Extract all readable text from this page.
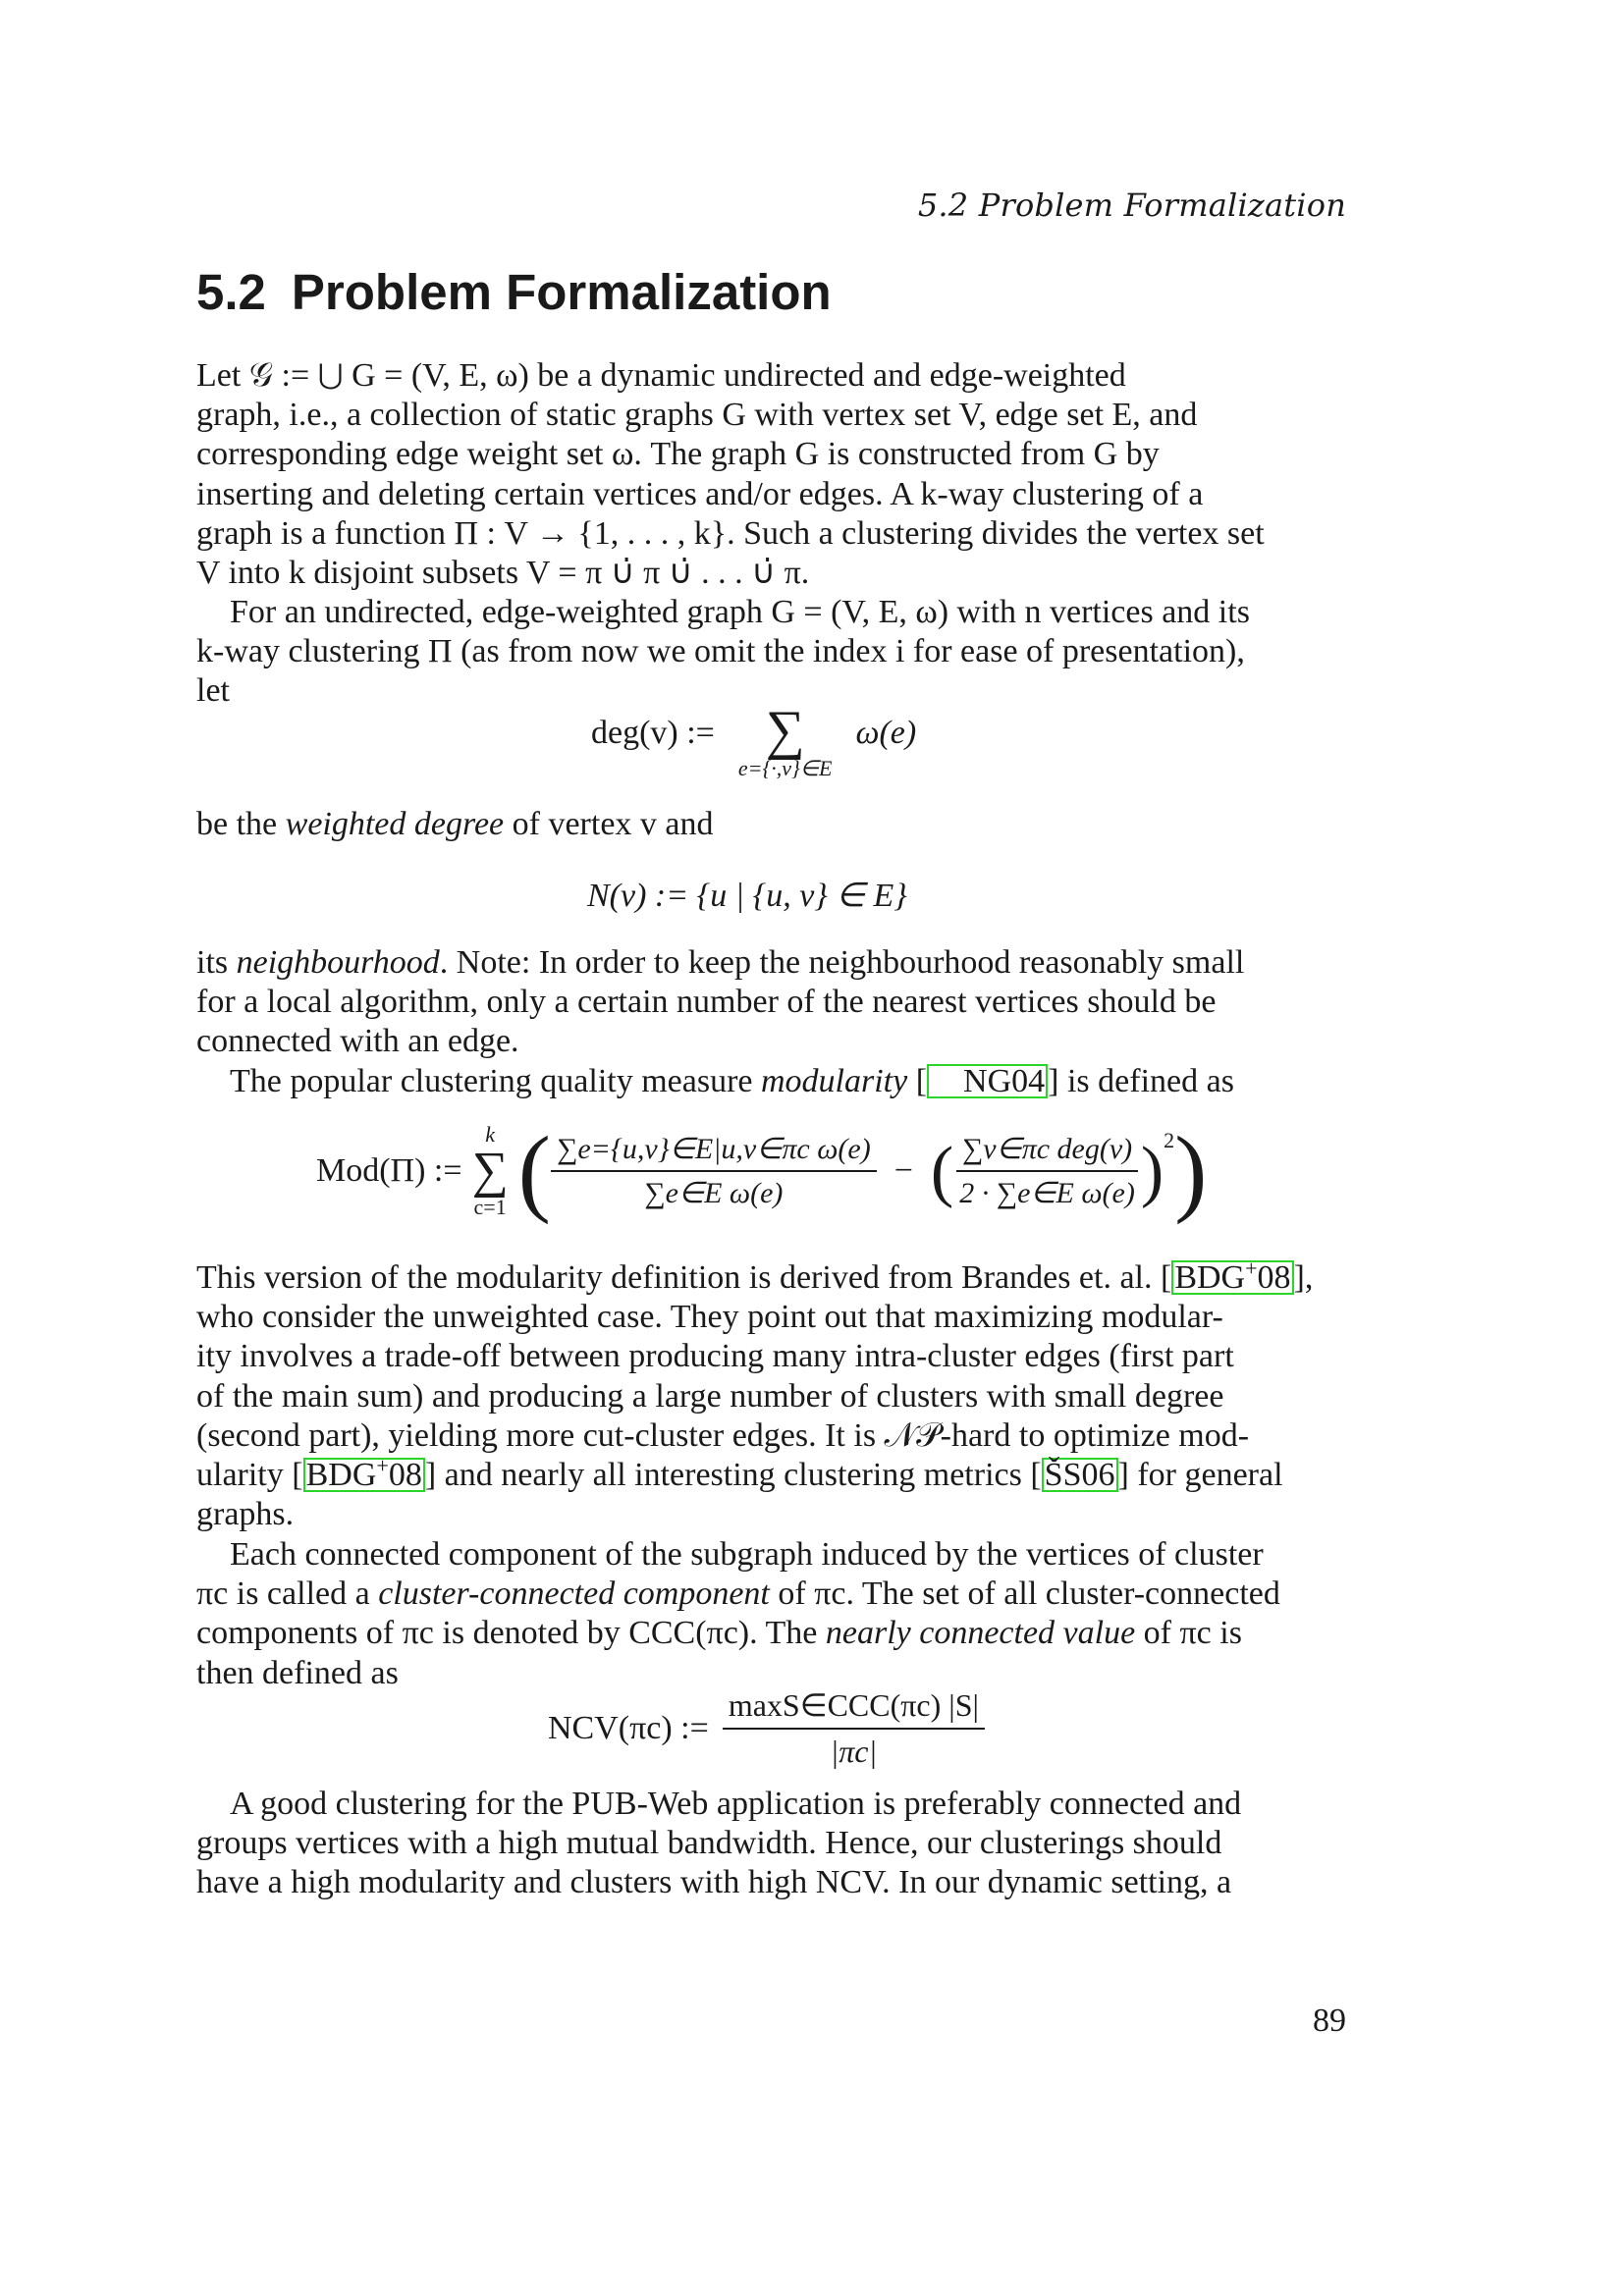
5.2 Problem Formalization
5.2 Problem Formalization
Let 𝒢 := ⋃ G = (V, E, ω) be a dynamic undirected and edge-weighted
graph, i.e., a collection of static graphs G with vertex set V, edge set E, and
corresponding edge weight set ω. The graph G is constructed from G by
inserting and deleting certain vertices and/or edges. A k-way clustering of a
graph is a function Π : V → {1, . . . , k}. Such a clustering divides the vertex set
V into k disjoint subsets V = π ∪̇ π ∪̇ . . . ∪̇ π.
For an undirected, edge-weighted graph G = (V, E, ω) with n vertices and its
k-way clustering Π (as from now we omit the index i for ease of presentation),
let
deg(v) := ∑
e={·,v}∈E
ω(e)
be the weighted degree of vertex v and
N(v) := {u | {u, v} ∈ E}
its neighbourhood. Note: In order to keep the neighbourhood reasonably small
for a local algorithm, only a certain number of the nearest vertices should be
connected with an edge.
The popular clustering quality measure modularity [ NG04] is defined as
Mod(Π) :=
k
∑
c=1 ( $\frac{\text{∑e=\{u,v\}∈E|u,v∈πc ω(e)}}{\text{∑e∈E ω(e)}}$ − ( $\frac{\text{∑v∈πc deg(v)}}{\text{2 · ∑e∈E ω(e)}}$ ) 2 )
This version of the modularity definition is derived from Brandes et. al. [BDG+08],
who consider the unweighted case. They point out that maximizing modular-
ity involves a trade-off between producing many intra-cluster edges (first part
of the main sum) and producing a large number of clusters with small degree
(second part), yielding more cut-cluster edges. It is 𝒩𝒫-hard to optimize mod-
ularity [BDG+08] and nearly all interesting clustering metrics [ŠS06] for general
graphs.
Each connected component of the subgraph induced by the vertices of cluster
πc is called a cluster-connected component of πc. The set of all cluster-connected
components of πc is denoted by CCC(πc). The nearly connected value of πc is
then defined as
NCV(πc) := $\frac{\text{maxS∈CCC(πc) |S|}}{|\pi c|}$
A good clustering for the PUB-Web application is preferably connected and
groups vertices with a high mutual bandwidth. Hence, our clusterings should
have a high modularity and clusters with high NCV. In our dynamic setting, a
89
